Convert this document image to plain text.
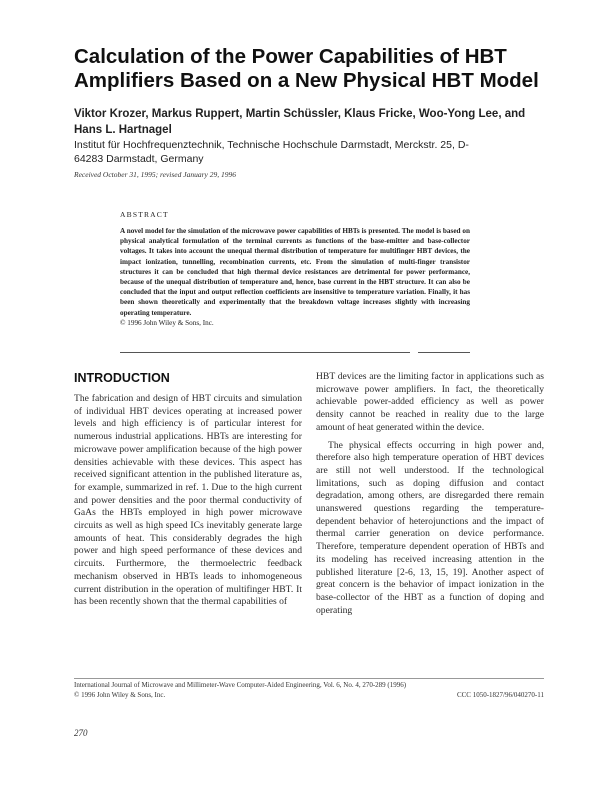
Calculation of the Power Capabilities of HBT Amplifiers Based on a New Physical HBT Model
Viktor Krozer, Markus Ruppert, Martin Schüssler, Klaus Fricke, Woo-Yong Lee, and Hans L. Hartnagel
Institut für Hochfrequenztechnik, Technische Hochschule Darmstadt, Merckstr. 25, D-64283 Darmstadt, Germany
Received October 31, 1995; revised January 29, 1996
ABSTRACT
A novel model for the simulation of the microwave power capabilities of HBTs is presented. The model is based on physical analytical formulation of the terminal currents as functions of the base-emitter and base-collector voltages. It takes into account the unequal thermal distribution of temperature for multifinger HBT devices, the impact ionization, tunnelling, recombination currents, etc. From the simulation of multi-finger transistor structures it can be concluded that high thermal device resistances are detrimental for power performance, because of the unequal distribution of temperature and, hence, base current in the HBT structure. It can also be concluded that the input and output reflection coefficients are insensitive to temperature variation. Finally, it has been shown theoretically and experimentally that the breakdown voltage increases slightly with increasing operating temperature.
© 1996 John Wiley & Sons, Inc.
INTRODUCTION

The fabrication and design of HBT circuits and simulation of individual HBT devices operating at increased power levels and high efficiency is of particular interest for numerous industrial applications. HBTs are interesting for microwave power amplification because of the high power densities achievable with these devices. This aspect has received significant attention in the published literature as, for example, summarized in ref. 1. Due to the high current and power densities and the poor thermal conductivity of GaAs the HBTs employed in high power microwave circuits as well as high speed ICs inevitably generate large amounts of heat. This considerably degrades the high power and high speed performance of these devices and circuits. Furthermore, the thermoelectric feedback mechanism observed in HBTs leads to inhomogeneous current distribution in the operation of multifinger HBT. It has been recently shown that the thermal capabilities of

HBT devices are the limiting factor in applications such as microwave power amplifiers. In fact, the theoretically achievable power-added efficiency as well as power density cannot be reached in reality due to the large amount of heat generated within the device.

The physical effects occurring in high power and, therefore also high temperature operation of HBT devices are still not well understood. If the technological limitations, such as doping diffusion and contact degradation, among others, are disregarded there remain unanswered questions regarding the temperature-dependent behavior of heterojunctions and the impact of thermal carrier generation on device performance. Therefore, temperature dependent operation of HBTs and its modeling has received increasing attention in the published literature [2-6, 13, 15, 19]. Another aspect of great concern is the behavior of impact ionization in the base-collector of the HBT as a function of doping and operating

International Journal of Microwave and Millimeter-Wave Computer-Aided Engineering, Vol. 6, No. 4, 270-289 (1996)
© 1996 John Wiley & Sons, Inc.	CCC 1050-1827/96/040270-11
270
